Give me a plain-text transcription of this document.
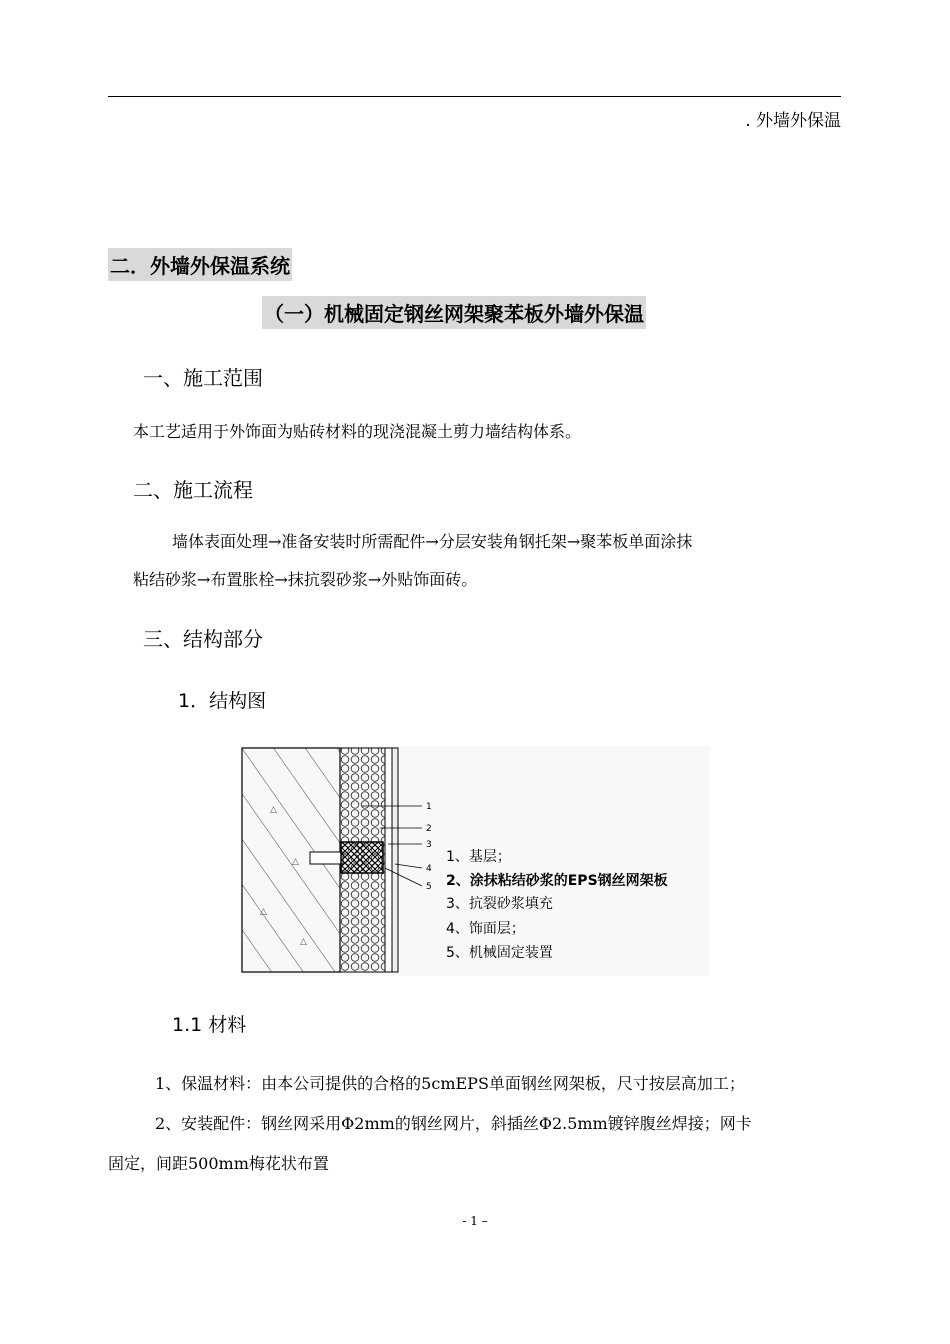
. 外墙外保温
二．外墙外保温系统
（一）机械固定钢丝网架聚苯板外墙外保温
一、施工范围
本工艺适用于外饰面为贴砖材料的现浇混凝土剪力墙结构体系。
二、施工流程
墙体表面处理→准备安装时所需配件→分层安装角钢托架→聚苯板单面涂抹
粘结砂浆→布置胀栓→抹抗裂砂浆→外贴饰面砖。
三、结构部分
1．结构图
△
△
△
△
1
2
3
4
5
1、基层；
2、涂抹粘结砂浆的EPS钢丝网架板
3、抗裂砂浆填充
4、饰面层；
5、机械固定装置
1.1 材料
1、保温材料：由本公司提供的合格的5cmEPS单面钢丝网架板，尺寸按层高加工；
2、安装配件：钢丝网采用Φ2mm的钢丝网片，斜插丝Φ2.5mm镀锌腹丝焊接；网卡
固定，间距500mm梅花状布置
- 1 –
